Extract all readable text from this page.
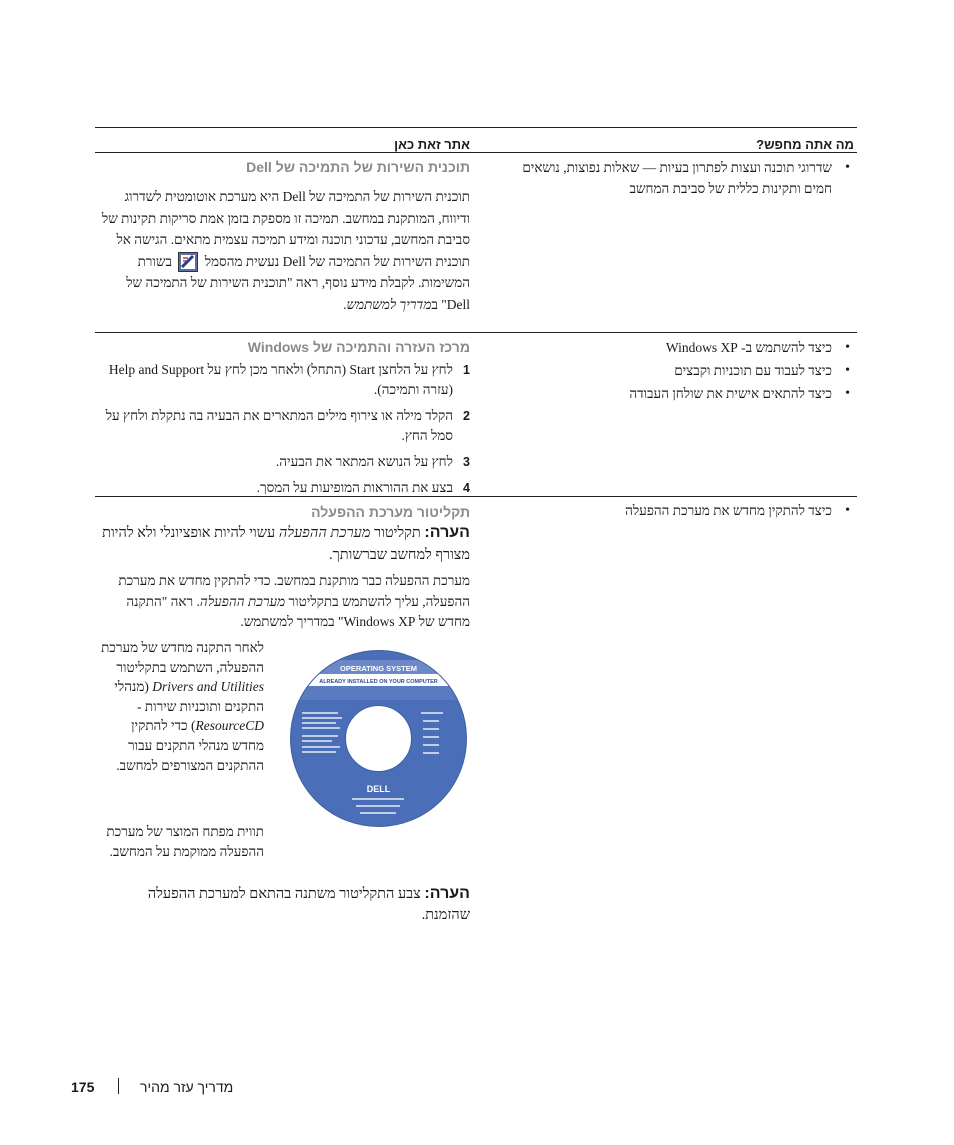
מה אתה מחפש?
אתר זאת כאן
• שדרוגי תוכנה ועצות לפתרון בעיות — שאלות נפוצות, נושאים חמים ותקינות כללית של סביבת המחשב
תוכנית השירות של התמיכה של Dell
תוכנית השירות של התמיכה של Dell היא מערכת אוטומטית לשדרוג ודיווח, המותקנת במחשב. תמיכה זו מספקת בזמן אמת סריקות תקינות של סביבת המחשב, עדכוני תוכנה ומידע תמיכה עצמית מתאים. הגישה אל תוכנית השירות של התמיכה של Dell נעשית מהסמל  בשורת המשימות. לקבלת מידע נוסף, ראה "תוכנית השירות של התמיכה של Dell" במדריך למשתמש.
• כיצד להשתמש ב- Windows XP
• כיצד לעבוד עם תוכניות וקבצים
• כיצד להתאים אישית את שולחן העבודה
מרכז העזרה והתמיכה של Windows
1
לחץ על הלחצן Start (התחל) ולאחר מכן לחץ על Help and Support (עזרה ותמיכה).
2
הקלד מילה או צירוף מילים המתארים את הבעיה בה נתקלת ולחץ על סמל החץ.
3
לחץ על הנושא המתאר את הבעיה.
4
בצע את ההוראות המופיעות על המסך.
• כיצד להתקין מחדש את מערכת ההפעלה
תקליטור מערכת ההפעלה
הערה: תקליטור מערכת ההפעלה עשוי להיות אופציונלי ולא להיות מצורף למחשב שברשותך.
מערכת ההפעלה כבר מותקנת במחשב. כדי להתקין מחדש את מערכת ההפעלה, עליך להשתמש בתקליטור מערכת ההפעלה. ראה "התקנה מחדש של Windows XP" במדריך למשתמש.
לאחר התקנה מחדש של מערכת ההפעלה, השתמש בתקליטור Drivers and Utilities (מנהלי התקנים ותוכניות שירות - ResourceCD) כדי להתקין מחדש מנהלי התקנים עבור ההתקנים המצורפים למחשב.
תווית מפתח המוצר של מערכת ההפעלה ממוקמת על המחשב.
OPERATING SYSTEM
ALREADY INSTALLED ON YOUR COMPUTER
DELL
הערה: צבע התקליטור משתנה בהתאם למערכת ההפעלה שהזמנת.
175	מדריך עזר מהיר
